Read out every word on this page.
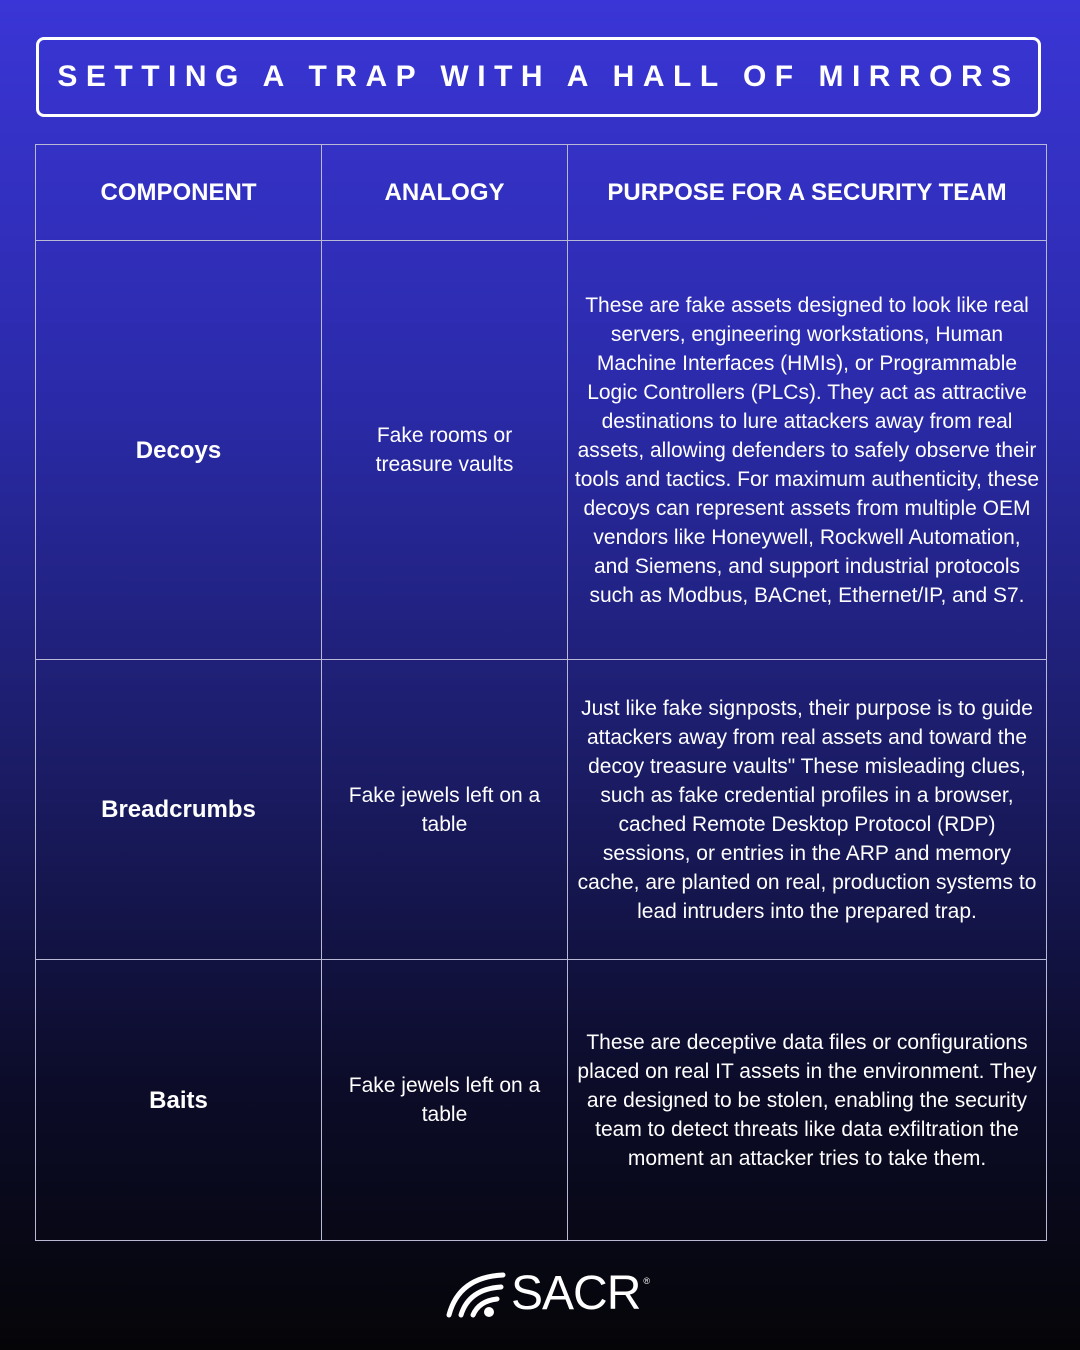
SETTING A TRAP WITH A HALL OF MIRRORS
COMPONENT	ANALOGY	PURPOSE FOR A SECURITY TEAM
Decoys	Fake rooms or treasure vaults	These are fake assets designed to look like real servers, engineering workstations, Human Machine Interfaces (HMIs), or Programmable Logic Controllers (PLCs). They act as attractive destinations to lure attackers away from real assets, allowing defenders to safely observe their tools and tactics. For maximum authenticity, these decoys can represent assets from multiple OEM vendors like Honeywell, Rockwell Automation, and Siemens, and support industrial protocols such as Modbus, BACnet, Ethernet/IP, and S7.
Breadcrumbs	Fake jewels left on a table	Just like fake signposts, their purpose is to guide attackers away from real assets and toward the decoy treasure vaults" These misleading clues, such as fake credential profiles in a browser, cached Remote Desktop Protocol (RDP) sessions, or entries in the ARP and memory cache, are planted on real, production systems to lead intruders into the prepared trap.
Baits	Fake jewels left on a table	These are deceptive data files or configurations placed on real IT assets in the environment. They are designed to be stolen, enabling the security team to detect threats like data exfiltration the moment an attacker tries to take them.
SACR ®
